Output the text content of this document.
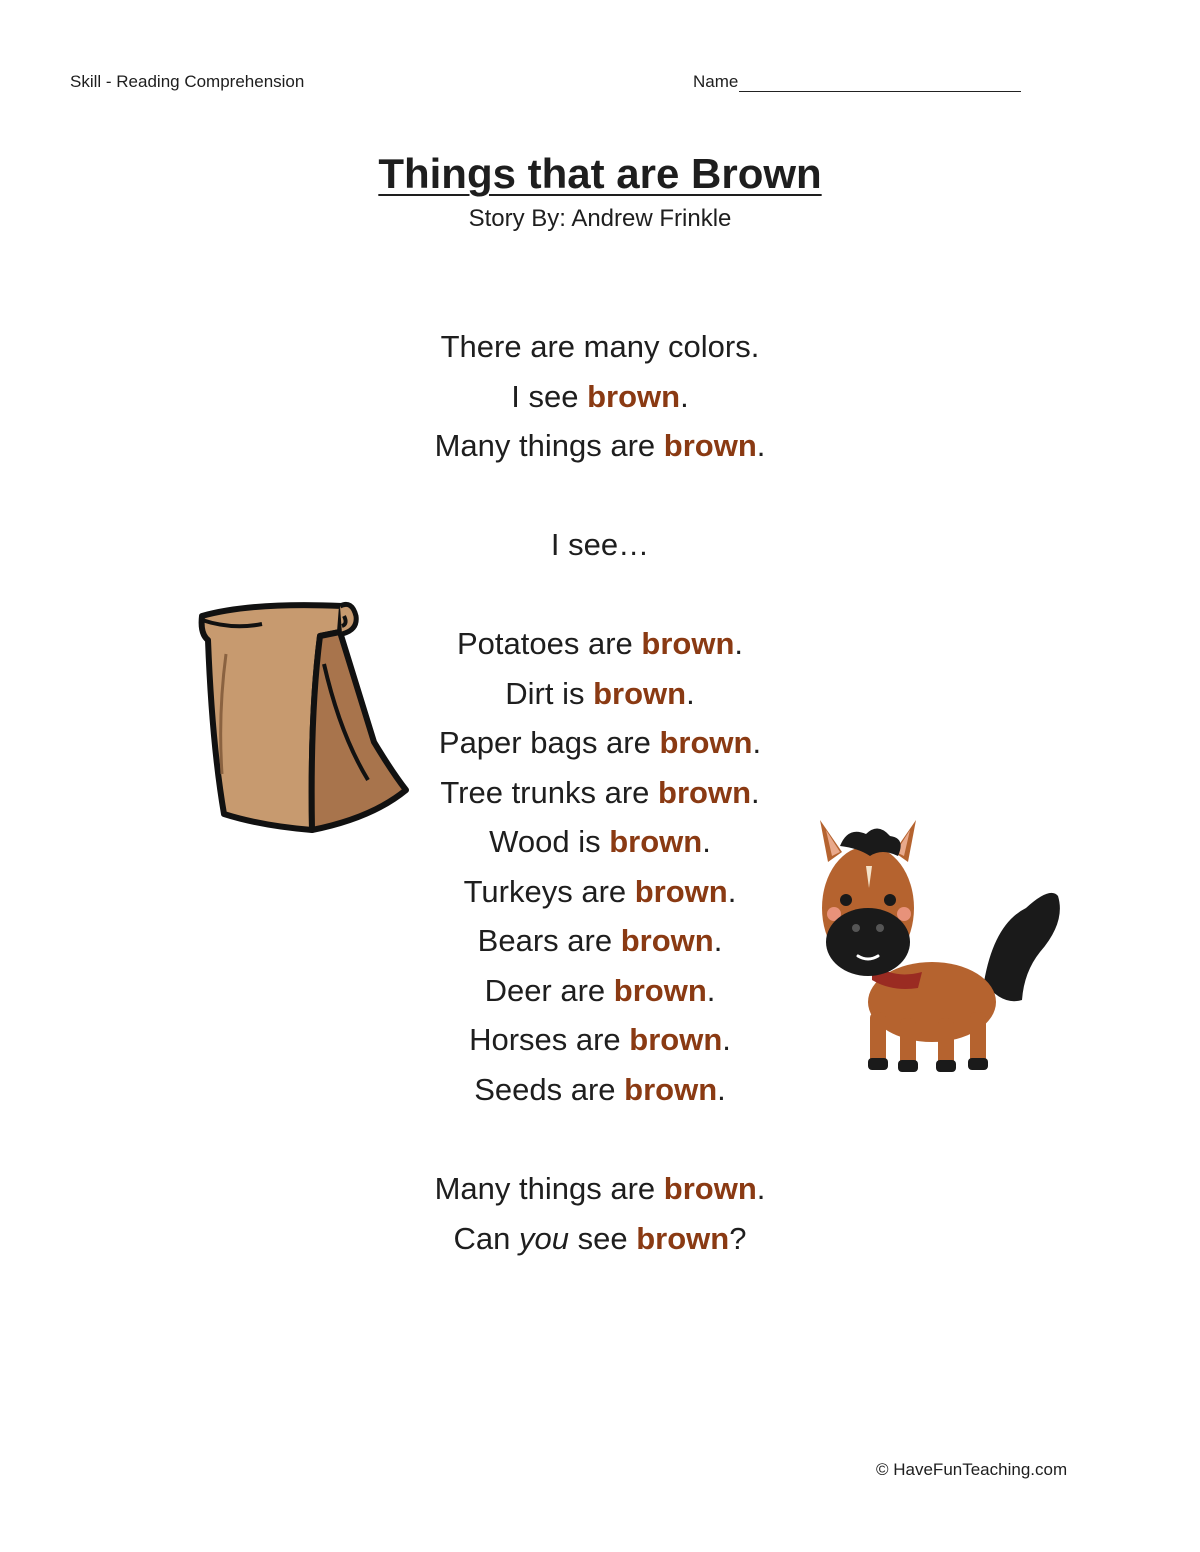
Skill - Reading Comprehension	Name
Things that are Brown
Story By: Andrew Frinkle
There are many colors.
I see brown.
Many things are brown.
I see…
Potatoes are brown.
Dirt is brown.
Paper bags are brown.
Tree trunks are brown.
Wood is brown.
Turkeys are brown.
Bears are brown.
Deer are brown.
Horses are brown.
Seeds are brown.
Many things are brown.
Can you see brown?
© HaveFunTeaching.com
